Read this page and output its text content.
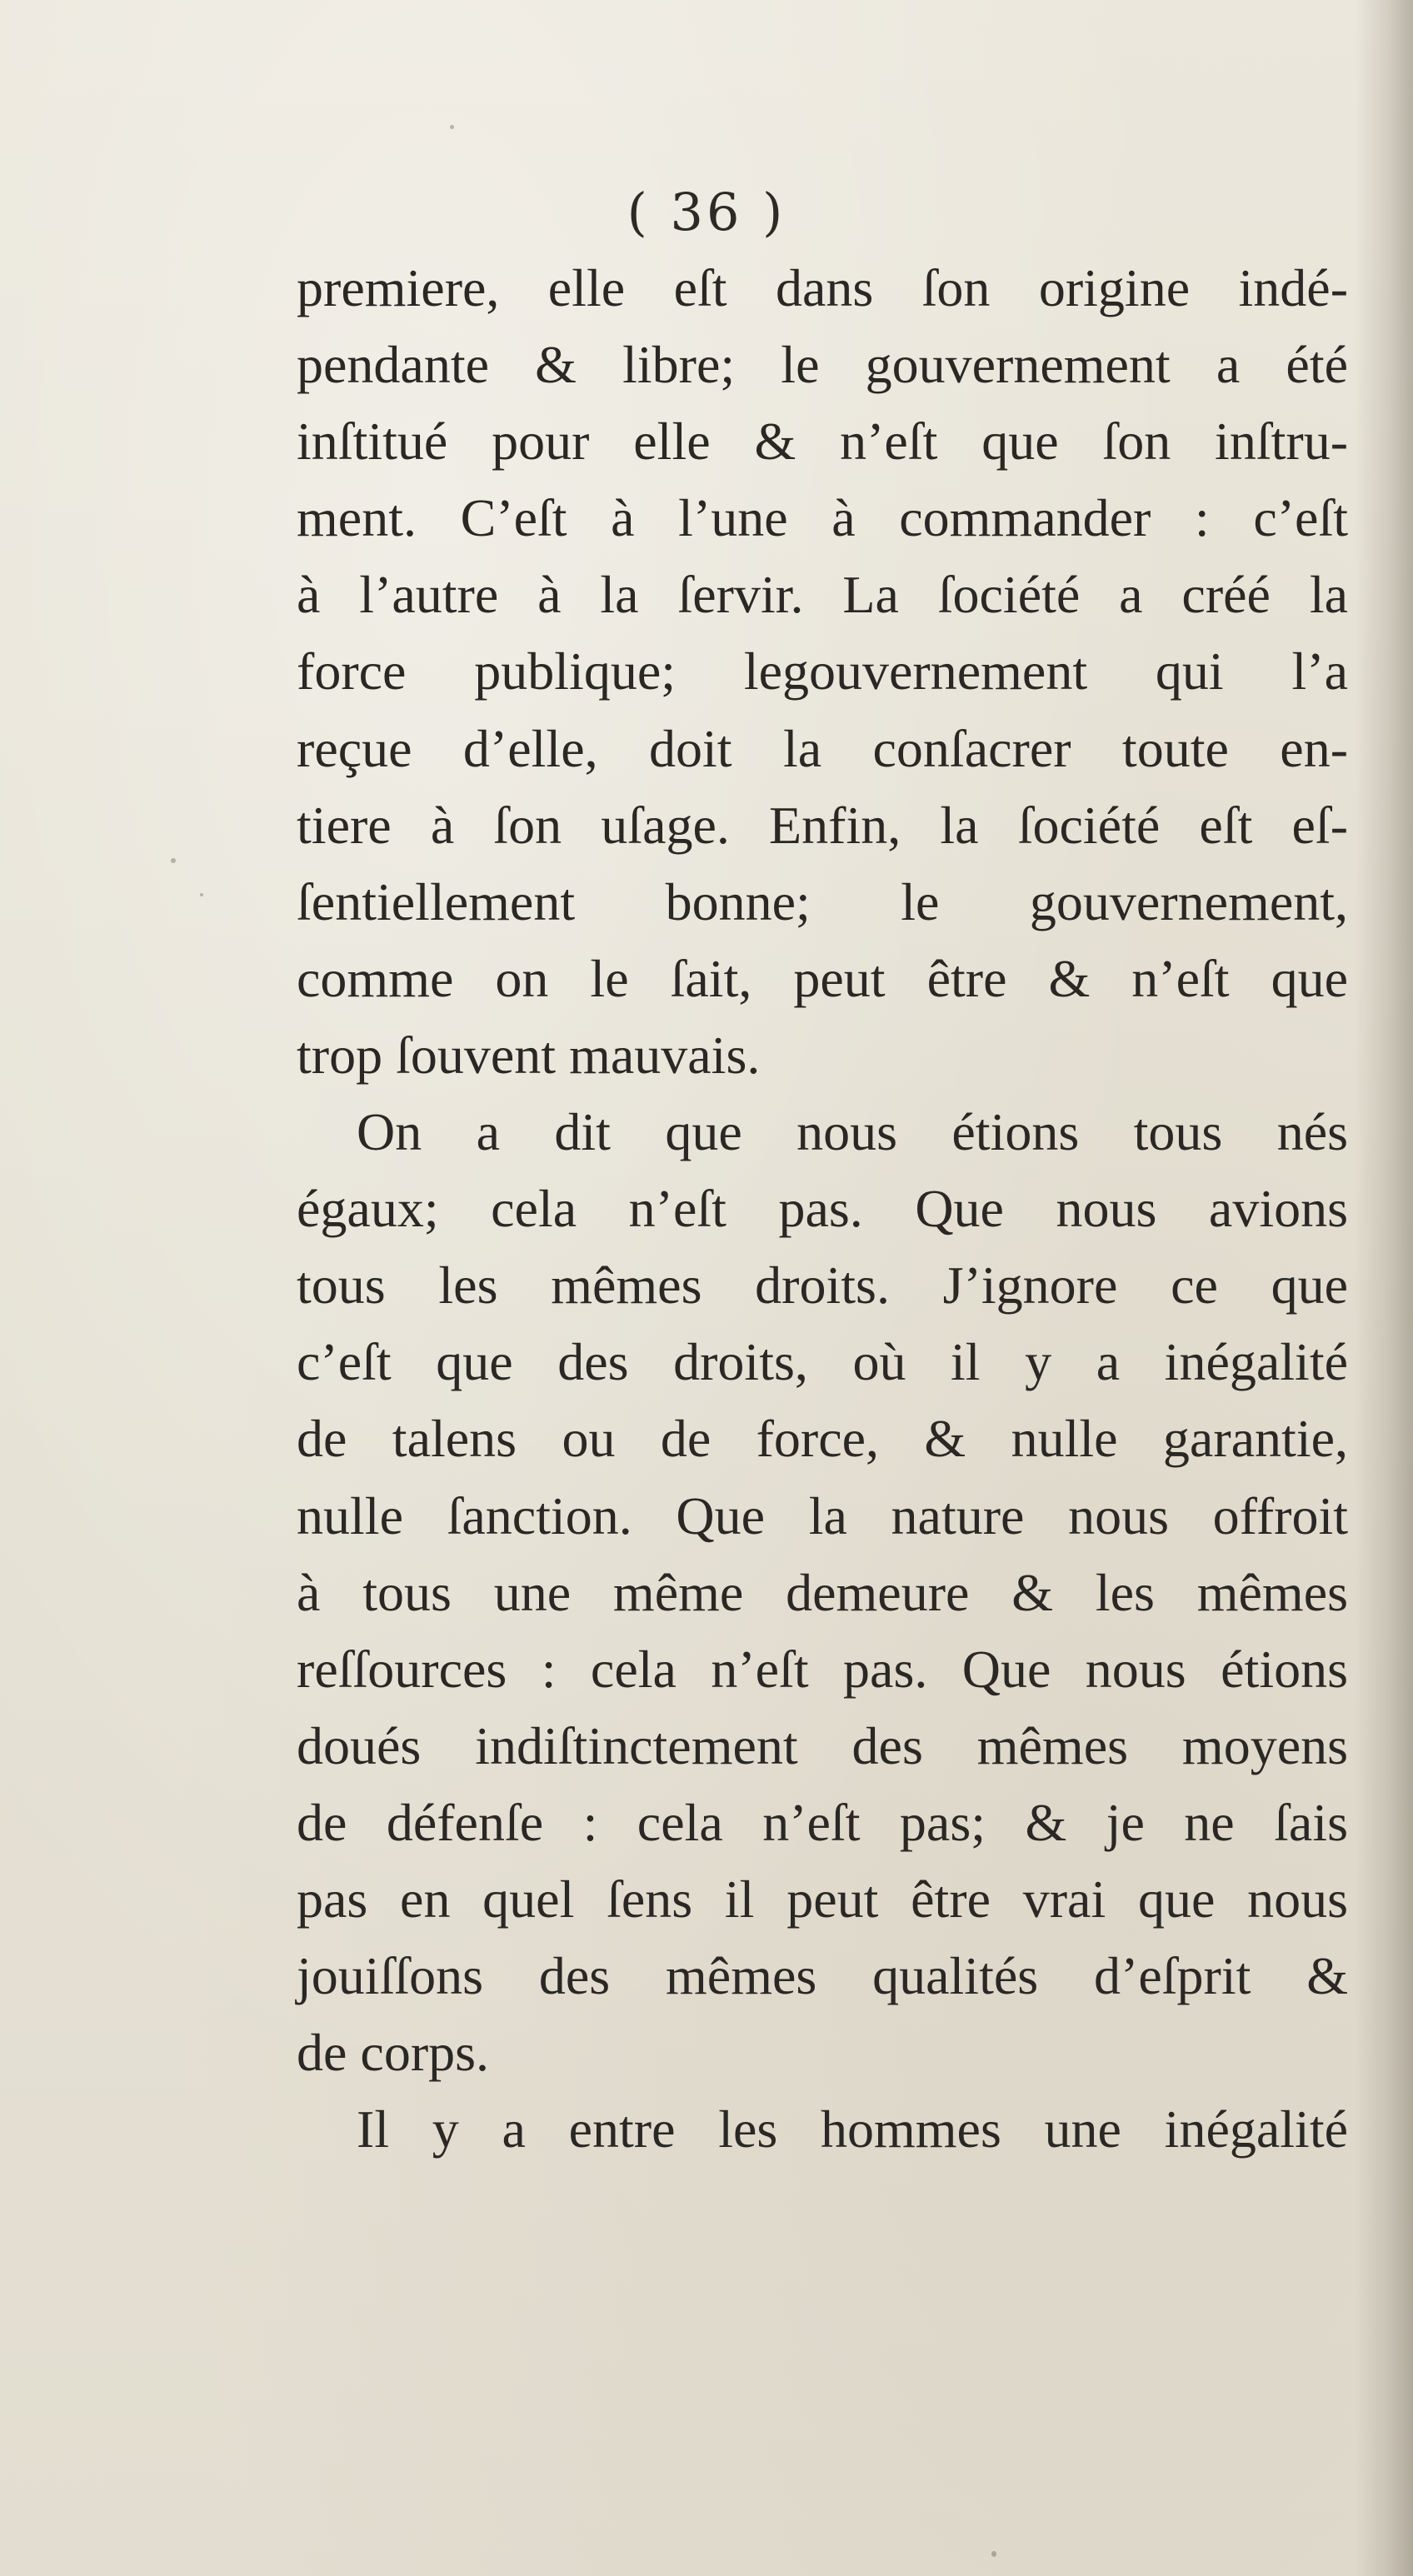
( 36 )
premiere, elle eſt dans ſon origine indé-
pendante & libre; le gouvernement a été
inſtitué pour elle & n’eſt que ſon inſtru-
ment. C’eſt à l’une à commander : c’eſt
à l’autre à la ſervir. La ſociété a créé la
force publique; legouvernement qui l’a
reçue d’elle, doit la conſacrer toute en-
tiere à ſon uſage. Enfin, la ſociété eſt eſ-
ſentiellement bonne; le gouvernement,
comme on le ſait, peut être & n’eſt que
trop ſouvent mauvais.
On a dit que nous étions tous nés
égaux; cela n’eſt pas. Que nous avions
tous les mêmes droits. J’ignore ce que
c’eſt que des droits, où il y a inégalité
de talens ou de force, & nulle garantie,
nulle ſanction. Que la nature nous offroit
à tous une même demeure & les mêmes
reſſources : cela n’eſt pas. Que nous étions
doués indiſtinctement des mêmes moyens
de défenſe : cela n’eſt pas; & je ne ſais
pas en quel ſens il peut être vrai que nous
jouiſſons des mêmes qualités d’eſprit &
de corps.
Il y a entre les hommes une inégalité
